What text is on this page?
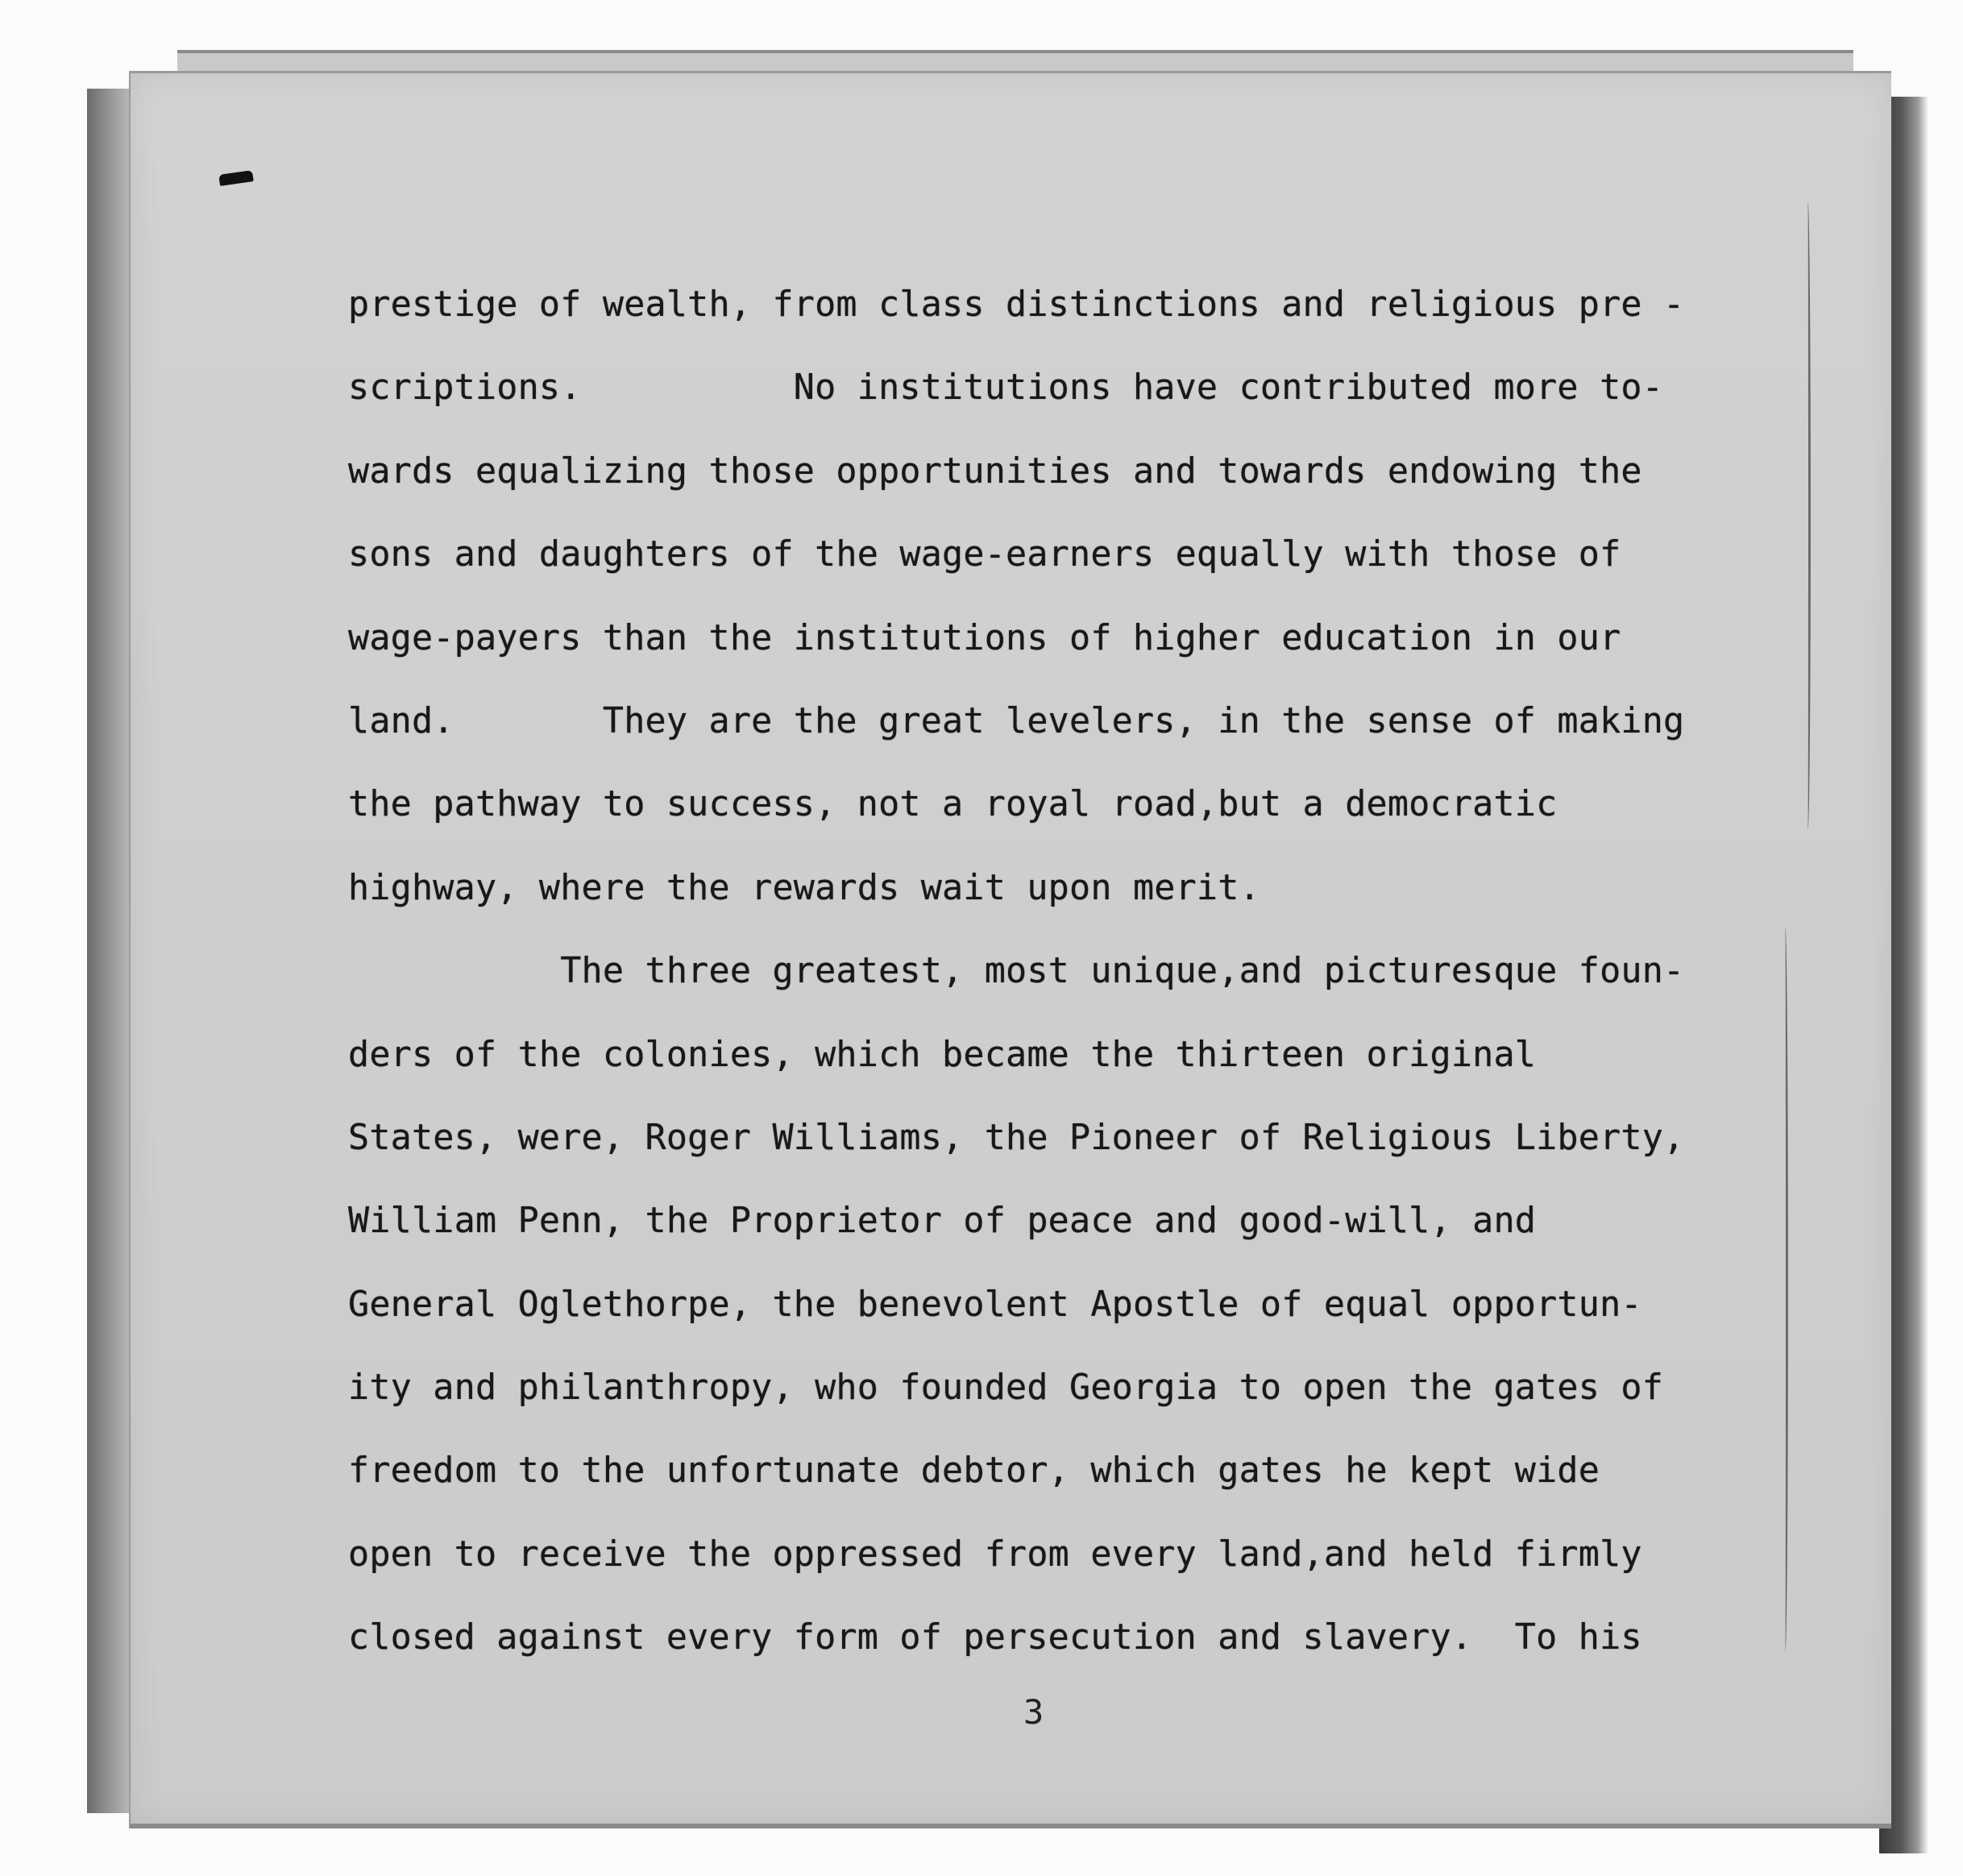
prestige of wealth, from class distinctions and religious pre -
scriptions.          No institutions have contributed more to-
wards equalizing those opportunities and towards endowing the
sons and daughters of the wage-earners equally with those of
wage-payers than the institutions of higher education in our
land.       They are the great levelers, in the sense of making
the pathway to success, not a royal road,but a democratic
highway, where the rewards wait upon merit.
The three greatest, most unique,and picturesque foun-
ders of the colonies, which became the thirteen original
States, were, Roger Williams, the Pioneer of Religious Liberty,
William Penn, the Proprietor of peace and good-will, and
General Oglethorpe, the benevolent Apostle of equal opportun-
ity and philanthropy, who founded Georgia to open the gates of
freedom to the unfortunate debtor, which gates he kept wide
open to receive the oppressed from every land,and held firmly
closed against every form of persecution and slavery.  To his
3
